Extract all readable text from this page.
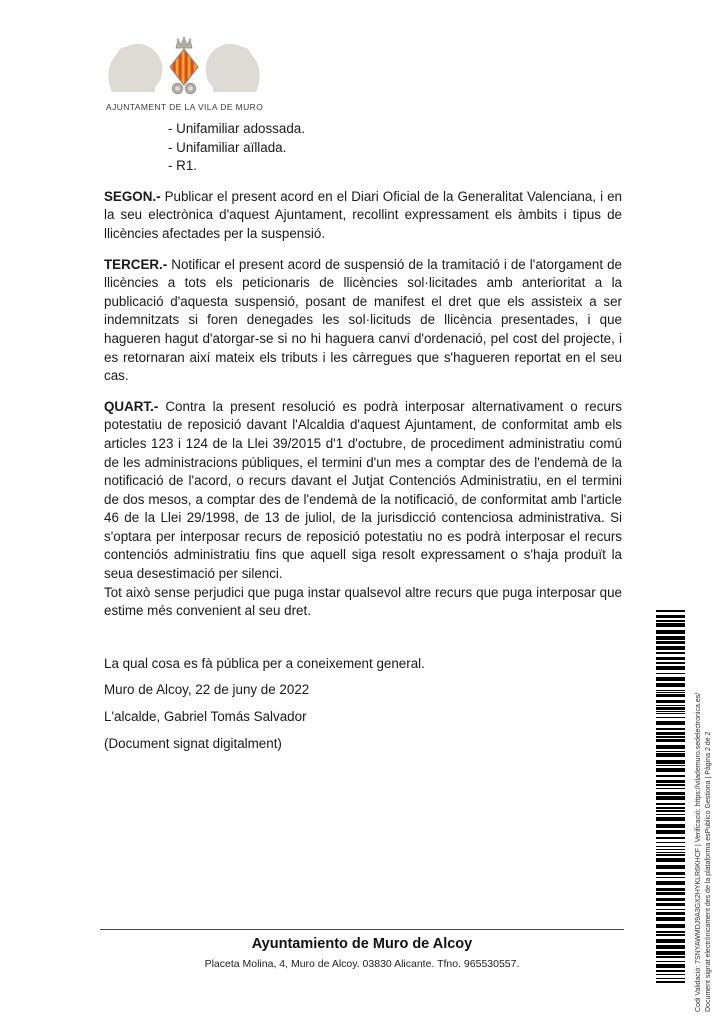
AJUNTAMENT DE LA VILA DE MURO
- Unifamiliar adossada.
- Unifamiliar aïllada.
- R1.

SEGON.- Publicar el present acord en el Diari Oficial de la Generalitat Valenciana, i en la seu electrònica d'aquest Ajuntament, recollint expressament els àmbits i tipus de llicències afectades per la suspensió.

TERCER.- Notificar el present acord de suspensió de la tramitació i de l'atorgament de llicències a tots els peticionaris de llicències sol·licitades amb anterioritat a la publicació d'aquesta suspensió, posant de manifest el dret que els assisteix a ser indemnitzats si foren denegades les sol·licituds de llicència presentades, i que hagueren hagut d'atorgar-se si no hi haguera canvi d'ordenació, pel cost del projecte, i es retornaran així mateix els tributs i les càrregues que s'hagueren reportat en el seu cas.

QUART.- Contra la present resolució es podrà interposar alternativament o recurs potestatiu de reposició davant l'Alcaldia d'aquest Ajuntament, de conformitat amb els articles 123 i 124 de la Llei 39/2015 d'1 d'octubre, de procediment administratiu comú de les administracions públiques, el termini d'un mes a comptar des de l'endemà de la notificació de l'acord, o recurs davant el Jutjat Contenciós Administratiu, en el termini de dos mesos, a comptar des de l'endemà de la notificació, de conformitat amb l'article 46 de la Llei 29/1998, de 13 de juliol, de la jurisdicció contenciosa administrativa. Si s'optara per interposar recurs de reposició potestatiu no es podrà interposar el recurs contenciós administratiu fins que aquell siga resolt expressament o s'haja produït la seua desestimació per silenci.

Tot això sense perjudici que puga instar qualsevol altre recurs que puga interposar que estime més convenient al seu dret.

La qual cosa es fà pública per a coneixement general.

Muro de Alcoy, 22 de juny de 2022

L'alcalde, Gabriel Tomás Salvador

(Document signat digitalment)

Ayuntamiento de Muro de Alcoy
Placeta Molina, 4, Muro de Alcoy. 03830 Alicante. Tfno. 965530557.	Codi Validació: 7SNYAWMDJ9A3GX2HYKLR6KHCF | Verificació: https://vilademuro.sedelectronica.es/ Document signat electrònicament des de la plataforma esPublico Gestiona | Pàgina 2 de 2
